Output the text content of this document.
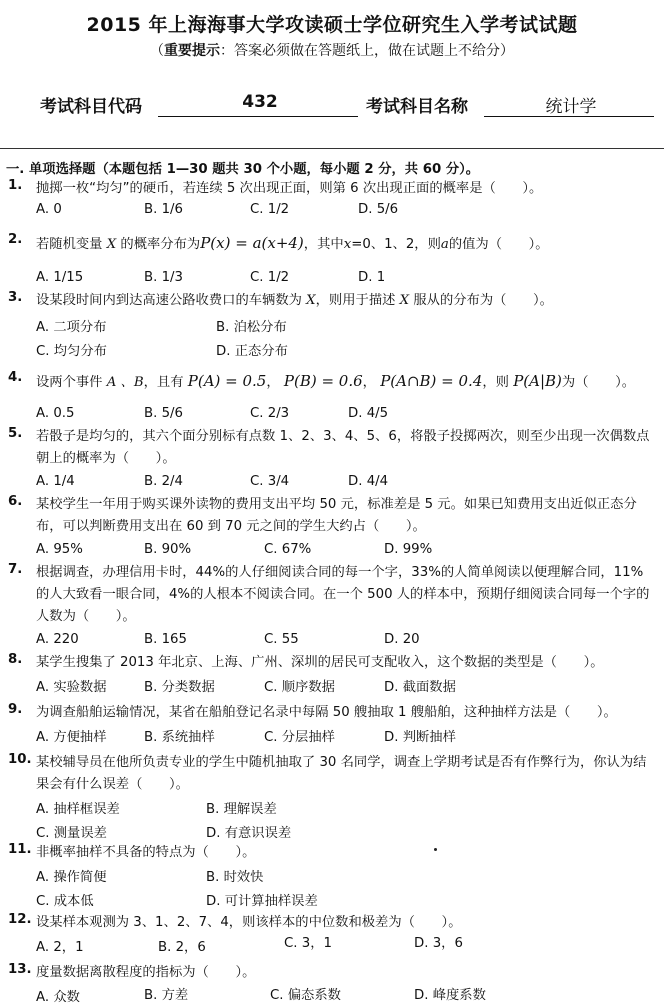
2015 年上海海事大学攻读硕士学位研究生入学考试试题
（重要提示：答案必须做在答题纸上，做在试题上不给分）
考试科目代码	432	考试科目名称	统计学
一. 单项选择题（本题包括 1—30 题共 30 个小题，每小题 2 分，共 60 分）。
1. 抛掷一枚“均匀”的硬币，若连续 5 次出现正面，则第 6 次出现正面的概率是（　　）。
A. 0	B. 1/6	C. 1/2	D. 5/6
2. 若随机变量 X 的概率分布为P(x) = a(x+4)，其中x=0、1、2，则a的值为（　　）。
A. 1/15	B. 1/3	C. 1/2	D. 1
3. 设某段时间内到达高速公路收费口的车辆数为 X，则用于描述 X 服从的分布为（　　）。
A. 二项分布	B. 泊松分布
C. 均匀分布	D. 正态分布
4. 设两个事件 A 、B，且有 P(A) = 0.5， P(B) = 0.6， P(A∩B) = 0.4，则 P(A|B)为（　　）。
A. 0.5	B. 5/6	C. 2/3	D. 4/5
5. 若骰子是均匀的，其六个面分别标有点数 1、2、3、4、5、6，将骰子投掷两次，则至少出现一次偶数点朝上的概率为（　　）。
A. 1/4	B. 2/4	C. 3/4	D. 4/4
6. 某校学生一年用于购买课外读物的费用支出平均 50 元，标准差是 5 元。如果已知费用支出近似正态分布，可以判断费用支出在 60 到 70 元之间的学生大约占（　　）。
A. 95%	B. 90%	C. 67%	D. 99%
7. 根据调查，办理信用卡时，44%的人仔细阅读合同的每一个字，33%的人简单阅读以便理解合同，11%的人大致看一眼合同，4%的人根本不阅读合同。在一个 500 人的样本中，预期仔细阅读合同每一个字的人数为（　　）。
A. 220	B. 165	C. 55	D. 20
8. 某学生搜集了 2013 年北京、上海、广州、深圳的居民可支配收入，这个数据的类型是（　　）。
A. 实验数据	B. 分类数据	C. 顺序数据	D. 截面数据
9. 为调查船舶运输情况，某省在船舶登记名录中每隔 50 艘抽取 1 艘船舶，这种抽样方法是（　　）。
A. 方便抽样	B. 系统抽样	C. 分层抽样	D. 判断抽样
10. 某校辅导员在他所负责专业的学生中随机抽取了 30 名同学，调查上学期考试是否有作弊行为，你认为结果会有什么误差（　　）。
A. 抽样框误差	B. 理解误差
C. 测量误差	D. 有意识误差
11. 非概率抽样不具备的特点为（　　）。
A. 操作简便	B. 时效快
C. 成本低	D. 可计算抽样误差
12. 设某样本观测为 3、1、2、7、4，则该样本的中位数和极差为（　　）。
A. 2，1	B. 2，6	C. 3，1	D. 3，6
13. 度量数据离散程度的指标为（　　）。
A. 众数	B. 方差	C. 偏态系数	D. 峰度系数
